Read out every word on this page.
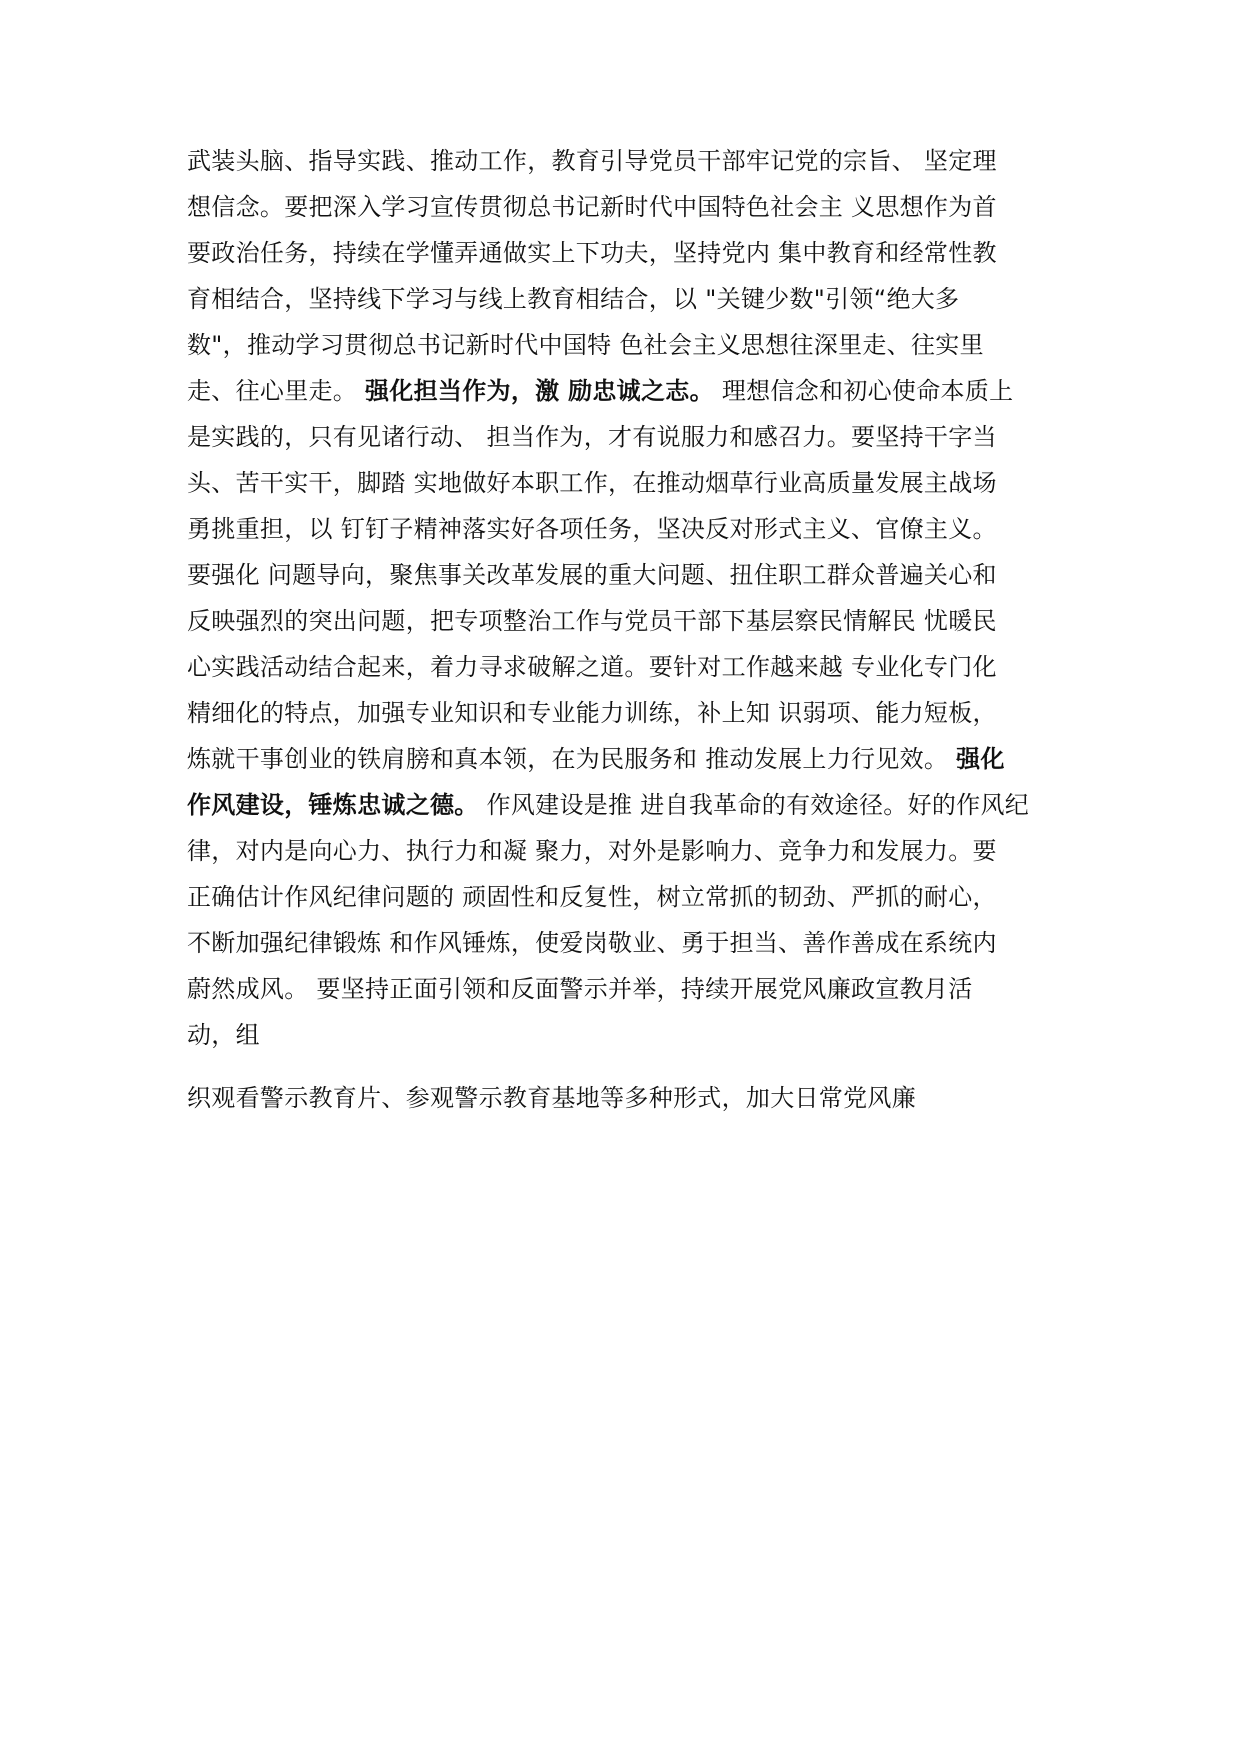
武装头脑、指导实践、推动工作，教育引导党员干部牢记党的宗旨、 坚定理
想信念。要把深入学习宣传贯彻总书记新时代中国特色社会主 义思想作为首
要政治任务，持续在学懂弄通做实上下功夫，坚持党内 集中教育和经常性教
育相结合，坚持线下学习与线上教育相结合，以 "关键少数"引领“绝大多
数"，推动学习贯彻总书记新时代中国特 色社会主义思想往深里走、往实里
走、往心里走。 强化担当作为，激 励忠诚之志。 理想信念和初心使命本质上
是实践的，只有见诸行动、 担当作为，才有说服力和感召力。要坚持干字当
头、苦干实干，脚踏 实地做好本职工作，在推动烟草行业高质量发展主战场
勇挑重担，以 钉钉子精神落实好各项任务，坚决反对形式主义、官僚主义。
要强化 问题导向，聚焦事关改革发展的重大问题、扭住职工群众普遍关心和
反映强烈的突出问题，把专项整治工作与党员干部下基层察民情解民 忧暖民
心实践活动结合起来，着力寻求破解之道。要针对工作越来越 专业化专门化
精细化的特点，加强专业知识和专业能力训练，补上知 识弱项、能力短板，
炼就干事创业的铁肩膀和真本领，在为民服务和 推动发展上力行见效。 强化
作风建设，锤炼忠诚之德。 作风建设是推 进自我革命的有效途径。好的作风纪
律，对内是向心力、执行力和凝 聚力，对外是影响力、竞争力和发展力。要
正确估计作风纪律问题的 顽固性和反复性，树立常抓的韧劲、严抓的耐心，
不断加强纪律锻炼 和作风锤炼，使爱岗敬业、勇于担当、善作善成在系统内
蔚然成风。 要坚持正面引领和反面警示并举，持续开展党风廉政宣教月活
动，组
织观看警示教育片、参观警示教育基地等多种形式，加大日常党风廉
